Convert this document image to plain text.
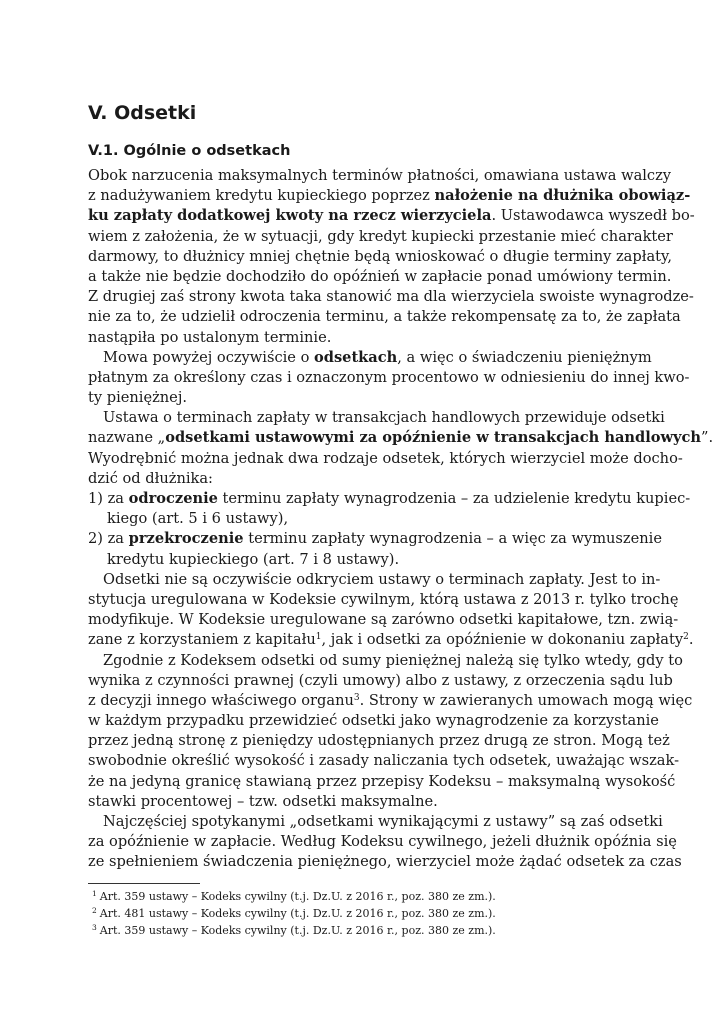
V. Odsetki
V.1. Ogólnie o odsetkach
Obok narzucenia maksymalnych terminów płatności, omawiana ustawa walczy
z nadużywaniem kredytu kupieckiego poprzez nałożenie na dłużnika obowiąz-
ku zapłaty dodatkowej kwoty na rzecz wierzyciela. Ustawodawca wyszedł bo-
wiem z założenia, że w sytuacji, gdy kredyt kupiecki przestanie mieć charakter
darmowy, to dłużnicy mniej chętnie będą wnioskować o długie terminy zapłaty,
a także nie będzie dochodziło do opóźnień w zapłacie ponad umówiony termin.
Z drugiej zaś strony kwota taka stanowić ma dla wierzyciela swoiste wynagrodze-
nie za to, że udzielił odroczenia terminu, a także rekompensatę za to, że zapłata
nastąpiła po ustalonym terminie.
Mowa powyżej oczywiście o odsetkach, a więc o świadczeniu pieniężnym
płatnym za określony czas i oznaczonym procentowo w odniesieniu do innej kwo-
ty pieniężnej.
Ustawa o terminach zapłaty w transakcjach handlowych przewiduje odsetki
nazwane „odsetkami ustawowymi za opóźnienie w transakcjach handlowych”.
Wyodrębnić można jednak dwa rodzaje odsetek, których wierzyciel może docho-
dzić od dłużnika:
1) za odroczenie terminu zapłaty wynagrodzenia – za udzielenie kredytu kupiec-
kiego (art. 5 i 6 ustawy),
2) za przekroczenie terminu zapłaty wynagrodzenia – a więc za wymuszenie
kredytu kupieckiego (art. 7 i 8 ustawy).
Odsetki nie są oczywiście odkryciem ustawy o terminach zapłaty. Jest to in-
stytucja uregulowana w Kodeksie cywilnym, którą ustawa z 2013 r. tylko trochę
modyfikuje. W Kodeksie uregulowane są zarówno odsetki kapitałowe, tzn. zwią-
zane z korzystaniem z kapitału$^1$, jak i odsetki za opóźnienie w dokonaniu zapłaty$^2$.
Zgodnie z Kodeksem odsetki od sumy pieniężnej należą się tylko wtedy, gdy to
wynika z czynności prawnej (czyli umowy) albo z ustawy, z orzeczenia sądu lub
z decyzji innego właściwego organu$^3$. Strony w zawieranych umowach mogą więc
w każdym przypadku przewidzieć odsetki jako wynagrodzenie za korzystanie
przez jedną stronę z pieniędzy udostępnianych przez drugą ze stron. Mogą też
swobodnie określić wysokość i zasady naliczania tych odsetek, uważając wszak-
że na jedyną granicę stawianą przez przepisy Kodeksu – maksymalną wysokość
stawki procentowej – tzw. odsetki maksymalne.
Najczęściej spotykanymi „odsetkami wynikającymi z ustawy” są zaś odsetki
za opóźnienie w zapłacie. Według Kodeksu cywilnego, jeżeli dłużnik opóźnia się
ze spełnieniem świadczenia pieniężnego, wierzyciel może żądać odsetek za czas
$^1$ Art. 359 ustawy – Kodeks cywilny (t.j. Dz.U. z 2016 r., poz. 380 ze zm.).
$^2$ Art. 481 ustawy – Kodeks cywilny (t.j. Dz.U. z 2016 r., poz. 380 ze zm.).
$^3$ Art. 359 ustawy – Kodeks cywilny (t.j. Dz.U. z 2016 r., poz. 380 ze zm.).
